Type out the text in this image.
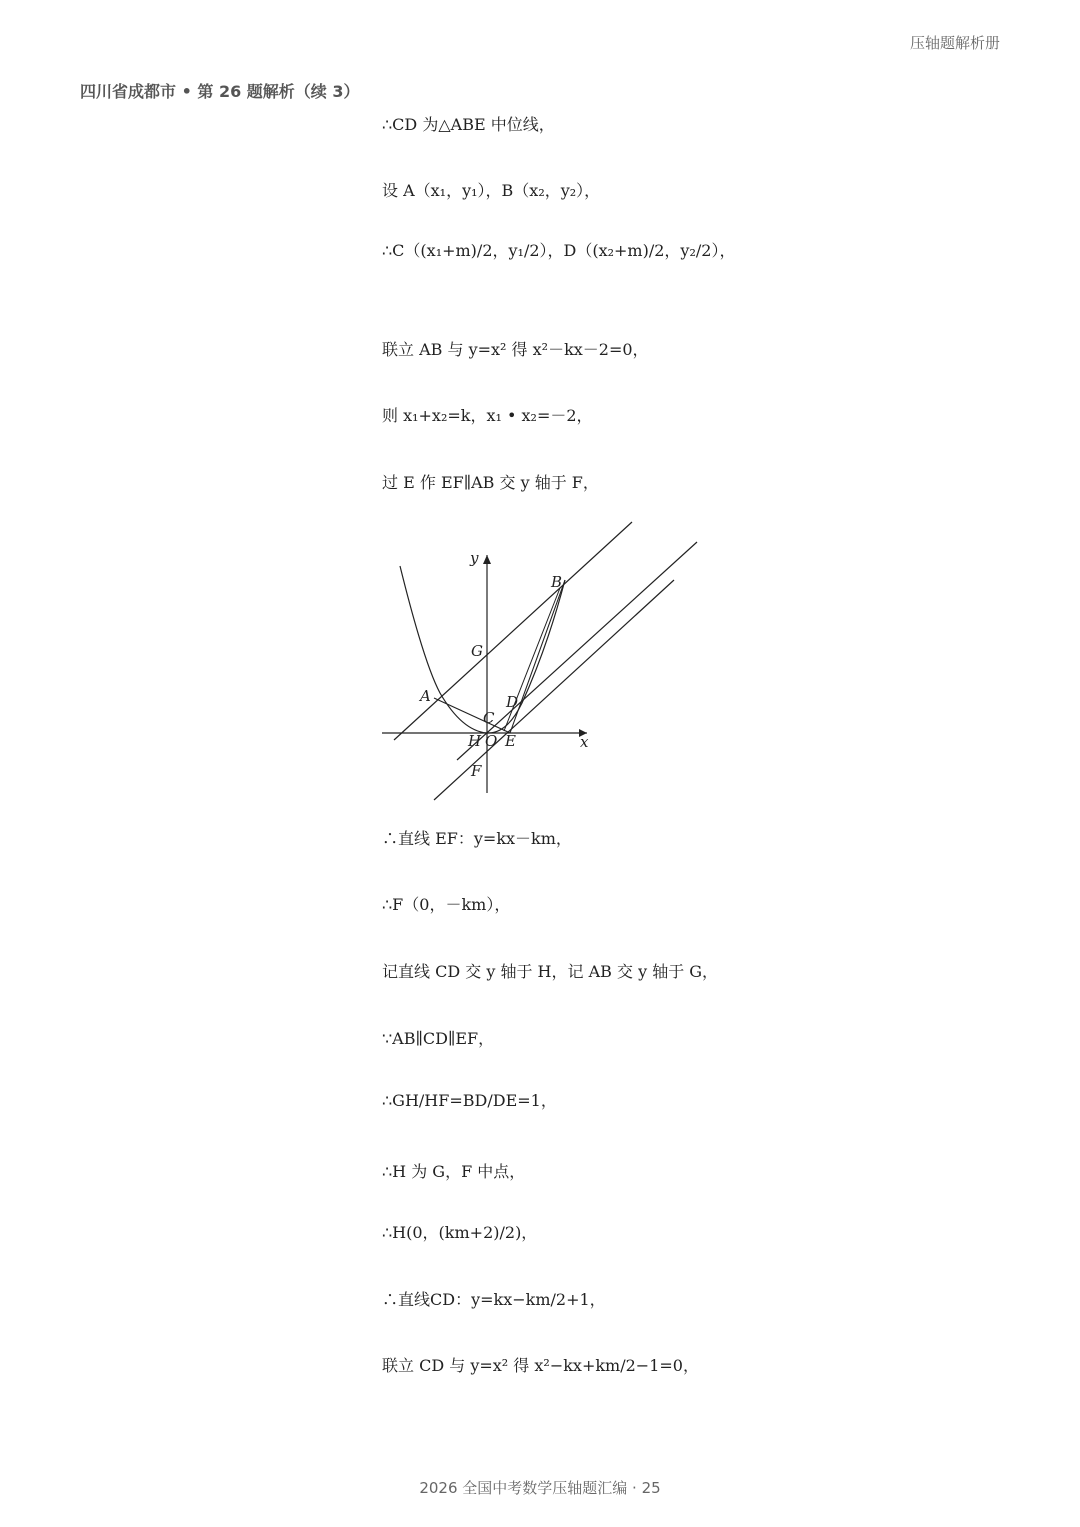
压轴题解析册
四川省成都市 • 第 26 题解析（续 3）
∴CD 为△ABE 中位线，
设 A（x₁，y₁），B（x₂，y₂），
∴C（(x₁+m)/2，y₁/2），D（(x₂+m)/2，y₂/2），
联立 AB 与 y=x² 得 x²－kx－2=0，
则 x₁+x₂=k，x₁ • x₂=－2，
过 E 作 EF∥AB 交 y 轴于 F，
∴直线 EF：y=kx－km，
∴F（0，－km），
记直线 CD 交 y 轴于 H，记 AB 交 y 轴于 G，
∵AB∥CD∥EF，
∴GH/HF=BD/DE=1，
∴H 为 G，F 中点，
∴H(0，(km+2)/2)，
∴直线CD：y=kx−km/2+1，
联立 CD 与 y=x² 得 x²−kx+km/2−1=0，
y
x
B
G
A	D
C
H O E
F
2026 全国中考数学压轴题汇编 · 25
